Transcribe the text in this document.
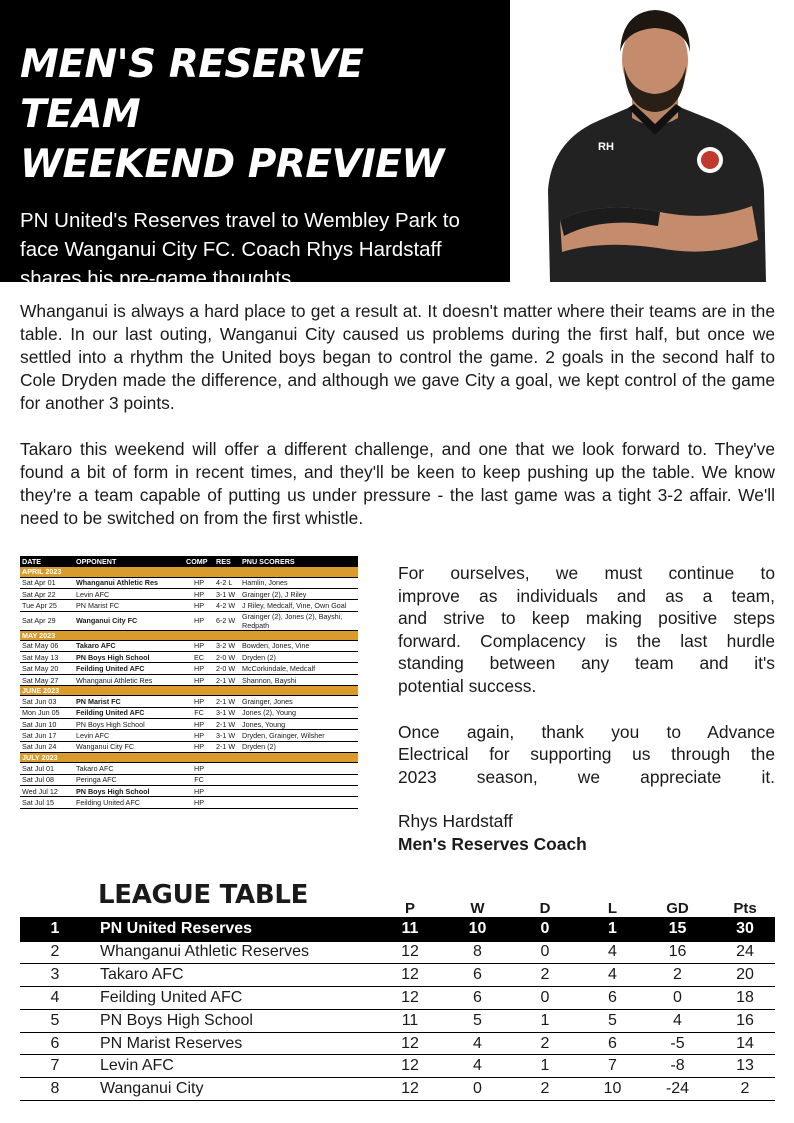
MEN'S RESERVE TEAM
WEEKEND PREVIEW

PN United's Reserves travel to Wembley Park to face Wanganui City FC. Coach Rhys Hardstaff shares his pre-game thoughts.

RH

Whanganui is always a hard place to get a result at. It doesn't matter where their teams are in the table. In our last outing, Wanganui City caused us problems during the first half, but once we settled into a rhythm the United boys began to control the game. 2 goals in the second half to Cole Dryden made the difference, and although we gave City a goal, we kept control of the game for another 3 points.

Takaro this weekend will offer a different challenge, and one that we look forward to. They've found a bit of form in recent times, and they'll be keen to keep pushing up the table. We know they're a team capable of putting us under pressure - the last game was a tight 3-2 affair. We'll need to be switched on from the first whistle.

DATE	OPPONENT	COMP	RES	PNU SCORERS
APRIL 2023				
Sat Apr 01	Whanganui Athletic Res	HP	4-2 L	Hamlin, Jones
Sat Apr 22	Levin AFC	HP	3-1 W	Grainger (2), J Riley
Tue Apr 25	PN Marist FC	HP	4-2 W	J Riley, Medcalf, Vine, Own Goal
Sat Apr 29	Wanganui City FC	HP	6-2 W	Grainger (2), Jones (2), Bayshi, Redpath
MAY 2023				
Sat May 06	Takaro AFC	HP	3-2 W	Bowden, Jones, Vine
Sat May 13	PN Boys High School	EC	2-0 W	Dryden (2)
Sat May 20	Feilding United AFC	HP	2-0 W	McCorkindale, Medcalf
Sat May 27	Whanganui Athletic Res	HP	2-1 W	Shannon, Bayshi
JUNE 2023				
Sat Jun 03	PN Marist FC	HP	2-1 W	Grainger, Jones
Mon Jun 05	Feilding United AFC	FC	3-1 W	Jones (2), Young
Sat Jun 10	PN Boys High School	HP	2-1 W	Jones, Young
Sat Jun 17	Levin AFC	HP	3-1 W	Dryden, Grainger, Wilsher
Sat Jun 24	Wanganui City FC	HP	2-1 W	Dryden (2)
JULY 2023				
Sat Jul 01	Takaro AFC	HP		
Sat Jul 08	Peringa AFC	FC		
Wed Jul 12	PN Boys High School	HP		
Sat Jul 15	Feilding United AFC	HP		
For ourselves, we must continue to
improve as individuals and as a team,
and strive to keep making positive steps
forward. Complacency is the last hurdle
standing between any team and it's
potential success.
Once again, thank you to Advance
Electrical for supporting us through the
2023 season, we appreciate it.
Rhys Hardstaff
Men's Reserves Coach
LEAGUE TABLE
			P	W	D	L	GD	Pts
1	PN United Reserves	11	10	0	1	15	30
2	Whanganui Athletic Reserves	12	8	0	4	16	24
3	Takaro AFC	12	6	2	4	2	20
4	Feilding United AFC	12	6	0	6	0	18
5	PN Boys High School	11	5	1	5	4	16
6	PN Marist Reserves	12	4	2	6	-5	14
7	Levin AFC	12	4	1	7	-8	13
8	Wanganui City	12	0	2	10	-24	2
